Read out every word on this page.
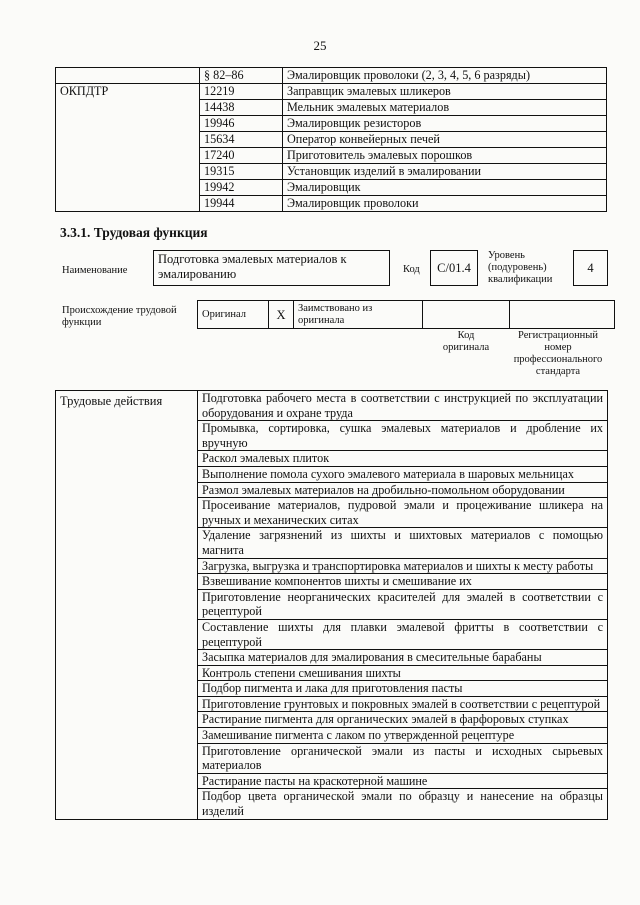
25
	§ 82–86	Эмалировщик проволоки (2, 3, 4, 5, 6 разряды)
ОКПДТР	12219	Заправщик эмалевых шликеров
	14438	Мельник эмалевых материалов
	19946	Эмалировщик резисторов
	15634	Оператор конвейерных печей
	17240	Приготовитель эмалевых порошков
	19315	Установщик изделий в эмалировании
	19942	Эмалировщик
	19944	Эмалировщик проволоки
3.3.1. Трудовая функция
Наименование
Подготовка эмалевых материалов к эмалированию	Код	C/01.4
Уровень (подуровень) квалификации
4
Происхождение трудовой функции
Оригинал	X	Заимствовано из оригинала		
Код оригинала
Регистрационный номер профессионального стандарта
Трудовые действия	Подготовка рабочего места в соответствии с инструкцией по эксплуатации оборудования и охране труда
Промывка, сортировка, сушка эмалевых материалов и дробление их вручную
Раскол эмалевых плиток
Выполнение помола сухого эмалевого материала в шаровых мельницах
Размол эмалевых материалов на дробильно-помольном оборудовании
Просеивание материалов, пудровой эмали и процеживание шликера на ручных и механических ситах
Удаление загрязнений из шихты и шихтовых материалов с помощью магнита
Загрузка, выгрузка и транспортировка материалов и шихты к месту работы
Взвешивание компонентов шихты и смешивание их
Приготовление неорганических красителей для эмалей в соответствии с рецептурой
Составление шихты для плавки эмалевой фритты в соответствии с рецептурой
Засыпка материалов для эмалирования в смесительные барабаны
Контроль степени смешивания шихты
Подбор пигмента и лака для приготовления пасты
Приготовление грунтовых и покровных эмалей в соответствии с рецептурой
Растирание пигмента для органических эмалей в фарфоровых ступках
Замешивание пигмента с лаком по утвержденной рецептуре
Приготовление органической эмали из пасты и исходных сырьевых материалов
Растирание пасты на краскотерной машине
Подбор цвета органической эмали по образцу и нанесение на образцы изделий
